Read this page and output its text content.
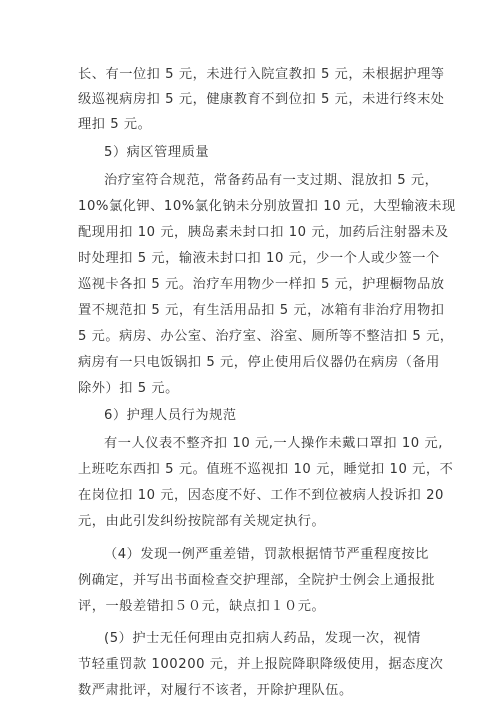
长、有一位扣 5 元，未进行入院宣教扣 5 元，未根据护理等
级巡视病房扣 5 元，健康教育不到位扣 5 元，未进行终末处
理扣 5 元。
5）病区管理质量
治疗室符合规范，常备药品有一支过期、混放扣 5 元，
10%氯化钾、10%氯化钠未分别放置扣 10 元，大型输液未现
配现用扣 10 元，胰岛素未封口扣 10 元，加药后注射器未及
时处理扣 5 元，输液未封口扣 10 元，少一个人或少签一个
巡视卡各扣 5 元。治疗车用物少一样扣 5 元，护理橱物品放
置不规范扣 5 元，有生活用品扣 5 元，冰箱有非治疗用物扣
5 元。病房、办公室、治疗室、浴室、厕所等不整洁扣 5 元，
病房有一只电饭锅扣 5 元，停止使用后仪器仍在病房（备用
除外）扣 5 元。
6）护理人员行为规范
有一人仪表不整齐扣 10 元,一人操作未戴口罩扣 10 元,
上班吃东西扣 5 元。值班不巡视扣 10 元，睡觉扣 10 元，不
在岗位扣 10 元，因态度不好、工作不到位被病人投诉扣 20
元，由此引发纠纷按院部有关规定执行。
（4）发现一例严重差错，罚款根据情节严重程度按比
例确定，并写出书面检查交护理部，全院护士例会上通报批
评，一般差错扣５０元，缺点扣１０元。
(5）护士无任何理由克扣病人药品，发现一次，视情
节轻重罚款 100200 元，并上报院降职降级使用，据态度次
数严肃批评，对履行不该者，开除护理队伍。
